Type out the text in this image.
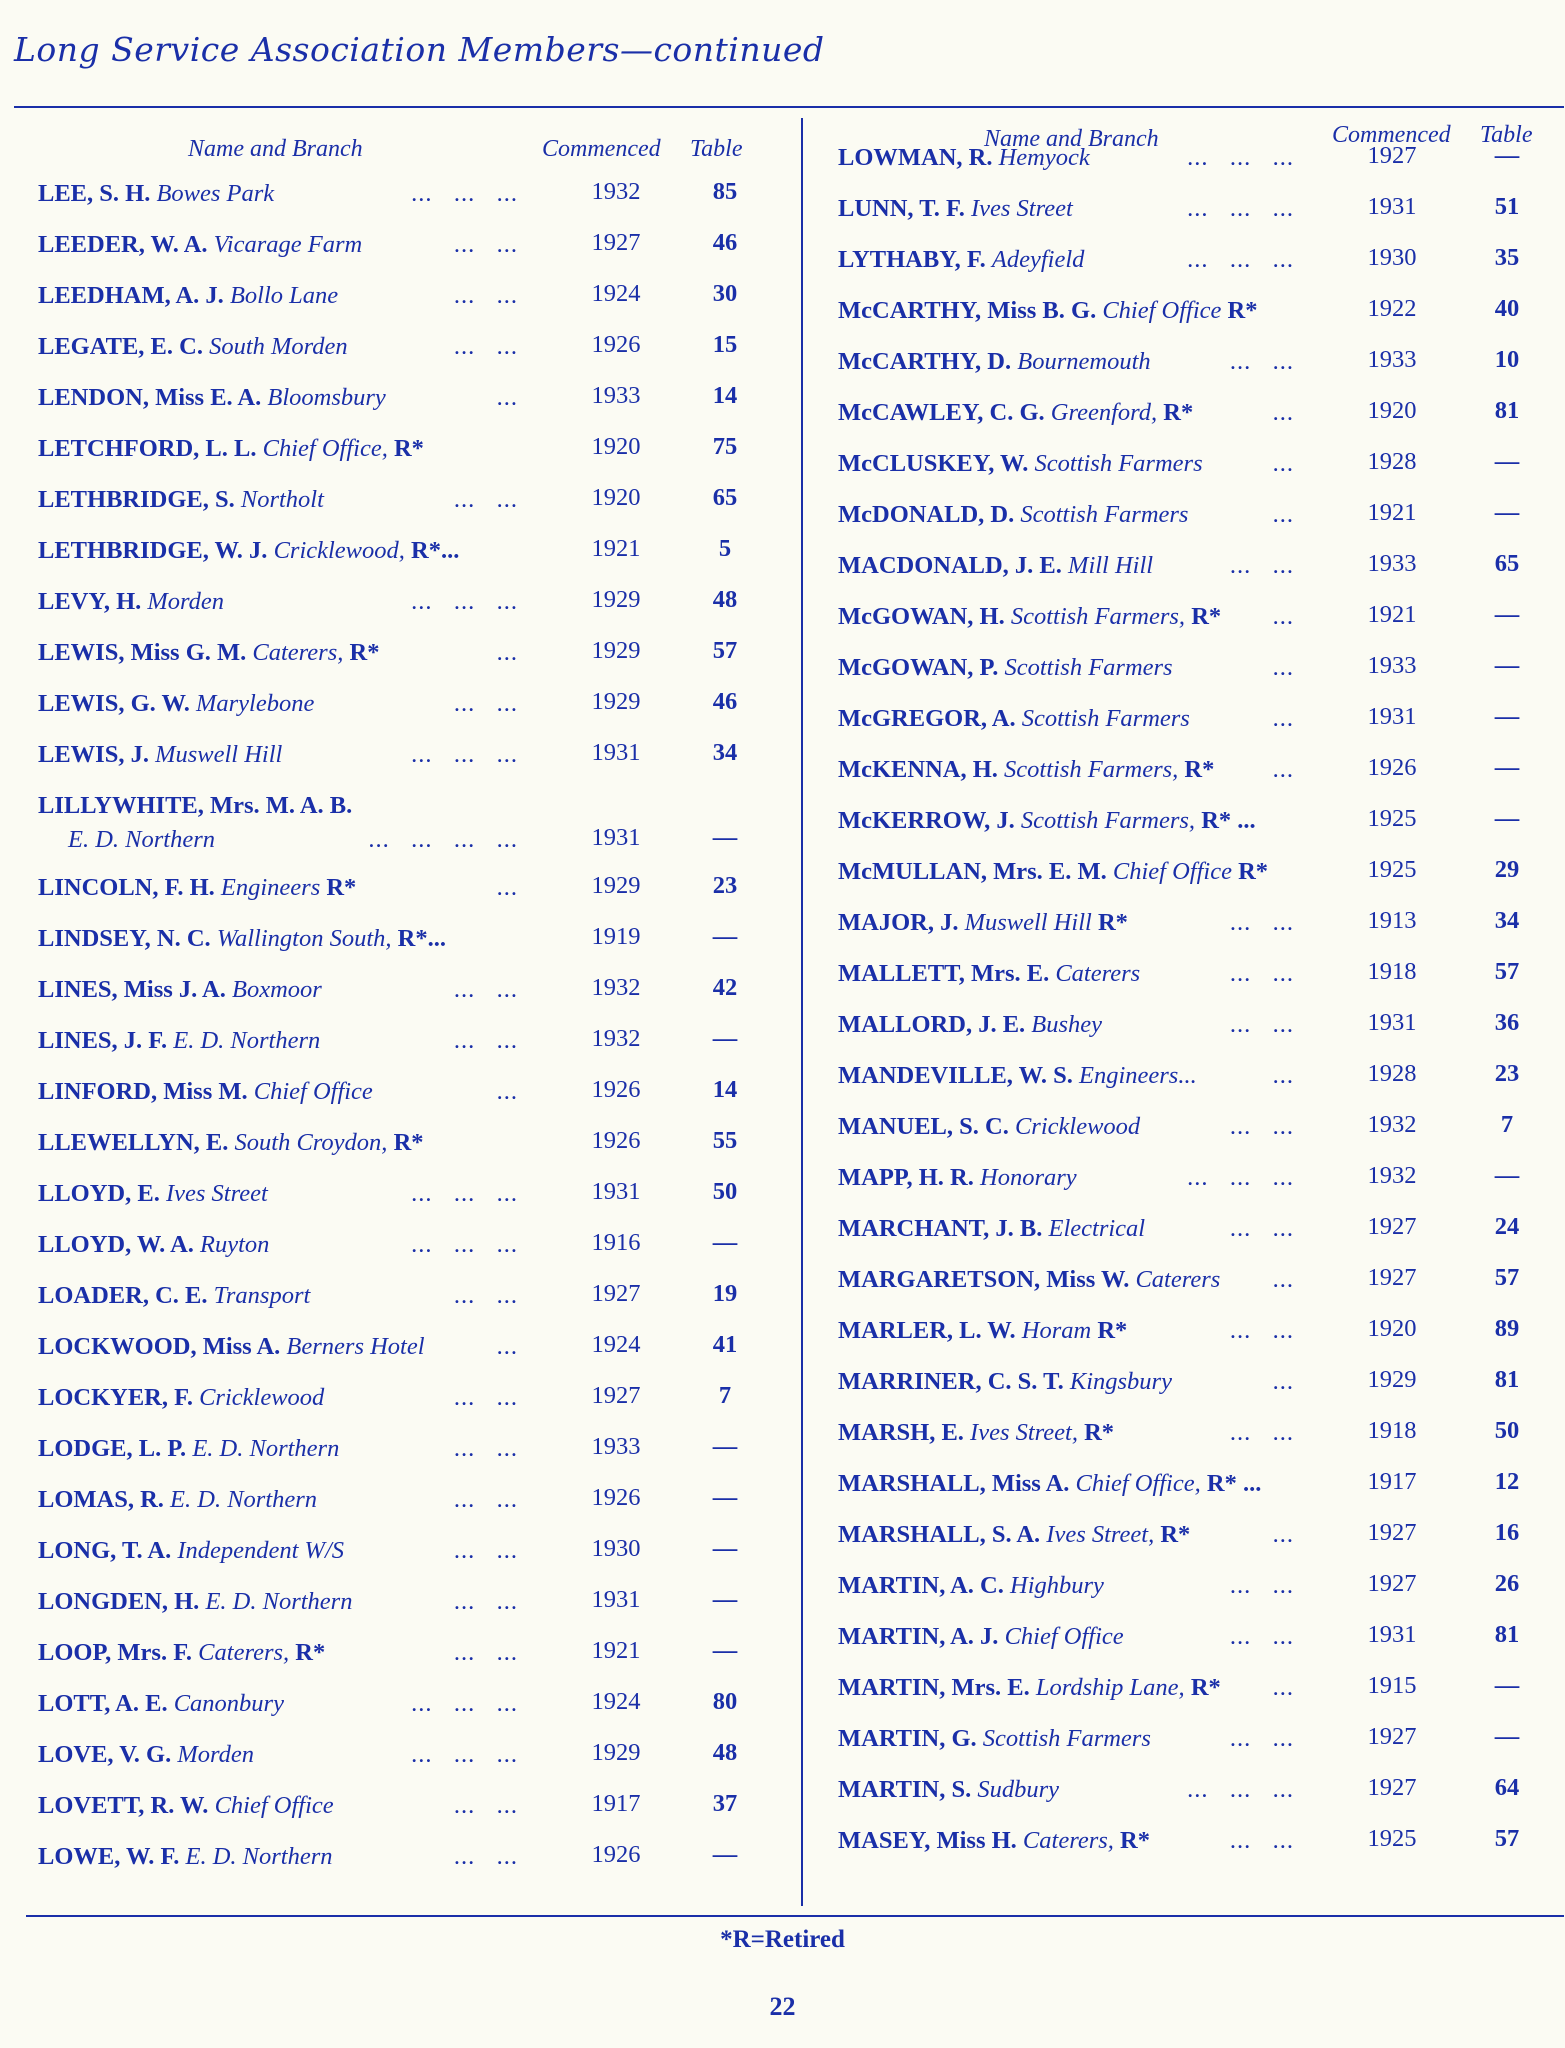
Long Service Association Members—continued
Name and Branch	Commenced Table
LEE, S. H. Bowes Park	...   ...   ...	1932	85
LEEDER, W. A. Vicarage Farm	...   ...	1927	46
LEEDHAM, A. J. Bollo Lane	...   ...	1924	30
LEGATE, E. C. South Morden	...   ...	1926	15
LENDON, Miss E. A. Bloomsbury	...	1933	14
LETCHFORD, L. L. Chief Office, R*	1920	75
LETHBRIDGE, S. Northolt	...   ...	1920	65
LETHBRIDGE, W. J. Cricklewood, R*...	1921	5
LEVY, H. Morden	...   ...   ...	1929	48
LEWIS, Miss G. M. Caterers, R*	...	1929	57
LEWIS, G. W. Marylebone	...   ...	1929	46
LEWIS, J. Muswell Hill	...   ...   ...	1931	34
LILLYWHITE, Mrs. M. A. B.
E. D. Northern	...   ...   ...   ...	1931	—
LINCOLN, F. H. Engineers R*	...	1929	23
LINDSEY, N. C. Wallington South, R*...	1919	—
LINES, Miss J. A. Boxmoor	...   ...	1932	42
LINES, J. F. E. D. Northern	...   ...	1932	—
LINFORD, Miss M. Chief Office	...	1926	14
LLEWELLYN, E. South Croydon, R*	1926	55
LLOYD, E. Ives Street	...   ...   ...	1931	50
LLOYD, W. A. Ruyton	...   ...   ...	1916	—
LOADER, C. E. Transport	...   ...	1927	19
LOCKWOOD, Miss A. Berners Hotel	...	1924	41
LOCKYER, F. Cricklewood	...   ...	1927	7
LODGE, L. P. E. D. Northern	...   ...	1933	—
LOMAS, R. E. D. Northern	...   ...	1926	—
LONG, T. A. Independent W/S	...   ...	1930	—
LONGDEN, H. E. D. Northern	...   ...	1931	—
LOOP, Mrs. F. Caterers, R*	...   ...	1921	—
LOTT, A. E. Canonbury	...   ...   ...	1924	80
LOVE, V. G. Morden	...   ...   ...	1929	48
LOVETT, R. W. Chief Office	...   ...	1917	37
LOWE, W. F. E. D. Northern	...   ...	1926	—
Name and Branch	Commenced Table
LOWMAN, R. Hemyock	...   ...   ...	1927	—
LUNN, T. F. Ives Street	...   ...   ...	1931	51
LYTHABY, F. Adeyfield	...   ...   ...	1930	35
McCARTHY, Miss B. G. Chief Office R*	1922	40
McCARTHY, D. Bournemouth	...   ...	1933	10
McCAWLEY, C. G. Greenford, R*	...	1920	81
McCLUSKEY, W. Scottish Farmers	...	1928	—
McDONALD, D. Scottish Farmers	...	1921	—
MACDONALD, J. E. Mill Hill	...   ...	1933	65
McGOWAN, H. Scottish Farmers, R* ...	1921	—
McGOWAN, P. Scottish Farmers	...	1933	—
McGREGOR, A. Scottish Farmers	...	1931	—
McKENNA, H. Scottish Farmers, R* ...	1926	—
McKERROW, J. Scottish Farmers, R* ...	1925	—
McMULLAN, Mrs. E. M. Chief Office R*	1925	29
MAJOR, J. Muswell Hill R*	...   ...	1913	34
MALLETT, Mrs. E. Caterers	...   ...	1918	57
MALLORD, J. E. Bushey	...   ...	1931	36
MANDEVILLE, W. S. Engineers...	...	1928	23
MANUEL, S. C. Cricklewood	...   ...	1932	7
MAPP, H. R. Honorary	...   ...   ...	1932	—
MARCHANT, J. B. Electrical	...   ...	1927	24
MARGARETSON, Miss W. Caterers ...	1927	57
MARLER, L. W. Horam R*	...   ...	1920	89
MARRINER, C. S. T. Kingsbury	...	1929	81
MARSH, E. Ives Street, R*	...   ...	1918	50
MARSHALL, Miss A. Chief Office, R* ...	1917	12
MARSHALL, S. A. Ives Street, R*	...	1927	16
MARTIN, A. C. Highbury	...   ...	1927	26
MARTIN, A. J. Chief Office	...   ...	1931	81
MARTIN, Mrs. E. Lordship Lane, R* ...	1915	—
MARTIN, G. Scottish Farmers	...   ...	1927	—
MARTIN, S. Sudbury	...   ...   ...	1927	64
MASEY, Miss H. Caterers, R*	...   ...	1925	57
*R=Retired
22
